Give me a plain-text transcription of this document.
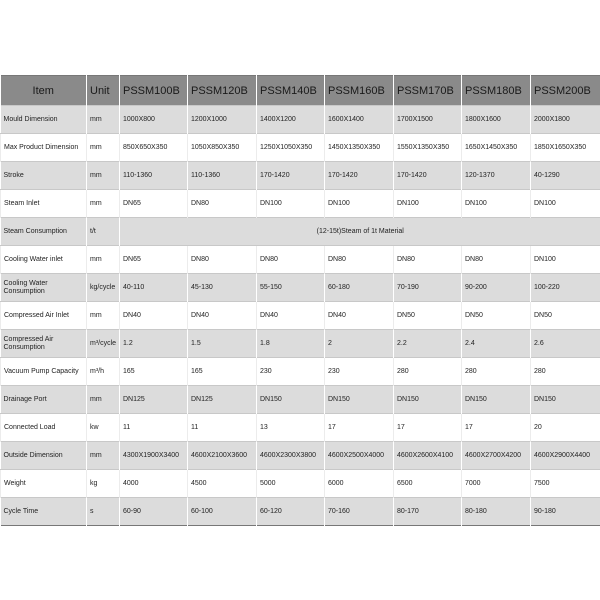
Item	Unit	PSSM100B	PSSM120B	PSSM140B	PSSM160B	PSSM170B	PSSM180B	PSSM200B
Mould Dimension	mm	1000X800	1200X1000	1400X1200	1600X1400	1700X1500	1800X1600	2000X1800
Max Product Dimension	mm	850X650X350	1050X850X350	1250X1050X350	1450X1350X350	1550X1350X350	1650X1450X350	1850X1650X350
Stroke	mm	110-1360	110-1360	170-1420	170-1420	170-1420	120-1370	40-1290
Steam Inlet	mm	DN65	DN80	DN100	DN100	DN100	DN100	DN100
Steam Consumption	t/t	(12-15t)Steam of 1t Material						
Cooling Water inlet	mm	DN65	DN80	DN80	DN80	DN80	DN80	DN100
Cooling Water Consumption	kg/cycle	40-110	45-130	55-150	60-180	70-190	90-200	100-220
Compressed Air Inlet	mm	DN40	DN40	DN40	DN40	DN50	DN50	DN50
Compressed Air Consumption	m³/cycle	1.2	1.5	1.8	2	2.2	2.4	2.6
Vacuum Pump Capacity	m³/h	165	165	230	230	280	280	280
Drainage Port	mm	DN125	DN125	DN150	DN150	DN150	DN150	DN150
Connected Load	kw	11	11	13	17	17	17	20
Outside Dimension	mm	4300X1900X3400	4600X2100X3600	4600X2300X3800	4600X2500X4000	4600X2600X4100	4600X2700X4200	4600X2900X4400
Weight	kg	4000	4500	5000	6000	6500	7000	7500
Cycle Time	s	60-90	60-100	60-120	70-160	80-170	80-180	90-180
